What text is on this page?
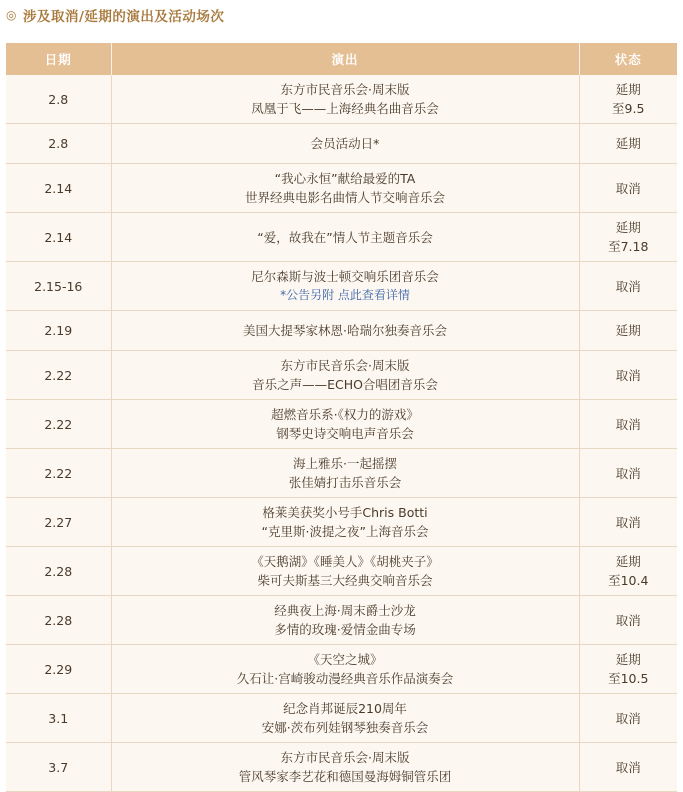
◎ 涉及取消/延期的演出及活动场次
日期	演出	状态
2.8	东方市民音乐会·周末版
凤凰于飞——上海经典名曲音乐会	延期
至9.5

2.8	会员活动日*	延期

2.14	“我心永恒”献给最爱的TA
世界经典电影名曲情人节交响音乐会	取消

2.14	“爱，故我在”情人节主题音乐会	延期
至7.18

2.15-16	尼尔森斯与波士顿交响乐团音乐会
*公告另附 点此查看详情	取消

2.19	美国大提琴家林恩·哈瑞尔独奏音乐会	延期

2.22	东方市民音乐会·周末版
音乐之声——ECHO合唱团音乐会	取消

2.22	超燃音乐系·《权力的游戏》
钢琴史诗交响电声音乐会	取消

2.22	海上雅乐·一起摇摆
张佳婧打击乐音乐会	取消

2.27	格莱美获奖小号手Chris Botti
“克里斯·波提之夜”上海音乐会	取消

2.28	《天鹅湖》《睡美人》《胡桃夹子》
柴可夫斯基三大经典交响音乐会	延期
至10.4

2.28	经典夜上海·周末爵士沙龙
多情的玫瑰·爱情金曲专场	取消

2.29	《天空之城》
久石让·宫崎骏动漫经典音乐作品演奏会	延期
至10.5

3.1	纪念肖邦诞辰210周年
安娜·茨布列娃钢琴独奏音乐会	取消

3.7	东方市民音乐会·周末版
管风琴家李艺花和德国曼海姆铜管乐团	取消
